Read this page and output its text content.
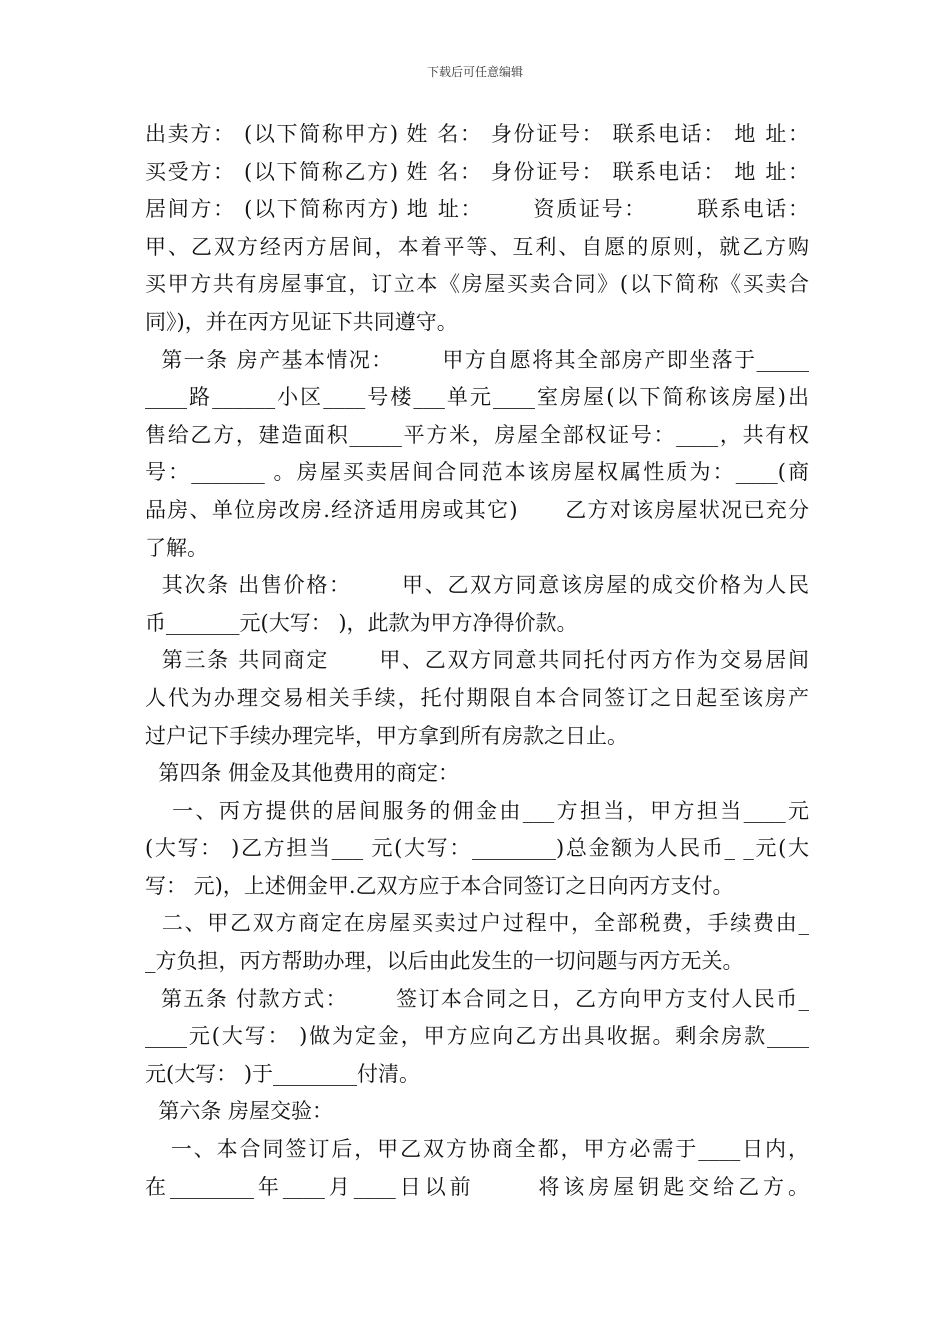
下载后可任意编辑
出卖方： (以下简称甲方) 姓 名： 身份证号： 联系电话： 地 址：
买受方： (以下简称乙方) 姓 名： 身份证号： 联系电话： 地 址：
居间方： (以下简称丙方) 地 址：      资质证号：      联系电话：
甲、乙双方经丙方居间，本着平等、互利、自愿的原则，就乙方购
买甲方共有房屋事宜，订立本《房屋买卖合同》(以下简称《买卖合
同》)，并在丙方见证下共同遵守。
第一条 房产基本情况：      甲方自愿将其全部房产即坐落于_____
____路______小区____号楼___单元____室房屋(以下简称该房屋)出
售给乙方，建造面积_____平方米，房屋全部权证号：____，共有权
号：_______ 。房屋买卖居间合同范本该房屋权属性质为：____(商
品房、单位房改房.经济适用房或其它)      乙方对该房屋状况已充分
了解。
其次条 出售价格：      甲、乙双方同意该房屋的成交价格为人民
币_______元(大写： )，此款为甲方净得价款。
第三条 共同商定      甲、乙双方同意共同托付丙方作为交易居间
人代为办理交易相关手续，托付期限自本合同签订之日起至该房产
过户记下手续办理完毕，甲方拿到所有房款之日止。
第四条 佣金及其他费用的商定：
一、丙方提供的居间服务的佣金由___方担当，甲方担当____元
(大写： )乙方担当___ 元(大写：________)总金额为人民币_ _元(大
写： 元)，上述佣金甲.乙双方应于本合同签订之日向丙方支付。
二、甲乙双方商定在房屋买卖过户过程中，全部税费，手续费由_
_方负担，丙方帮助办理，以后由此发生的一切问题与丙方无关。
第五条 付款方式：      签订本合同之日，乙方向甲方支付人民币_
____元(大写： )做为定金，甲方应向乙方出具收据。剩余房款____
元(大写： )于________付清。
第六条 房屋交验：
一、本合同签订后，甲乙双方协商全都，甲方必需于____日内，
在________年____月____日以前      将该房屋钥匙交给乙方。
